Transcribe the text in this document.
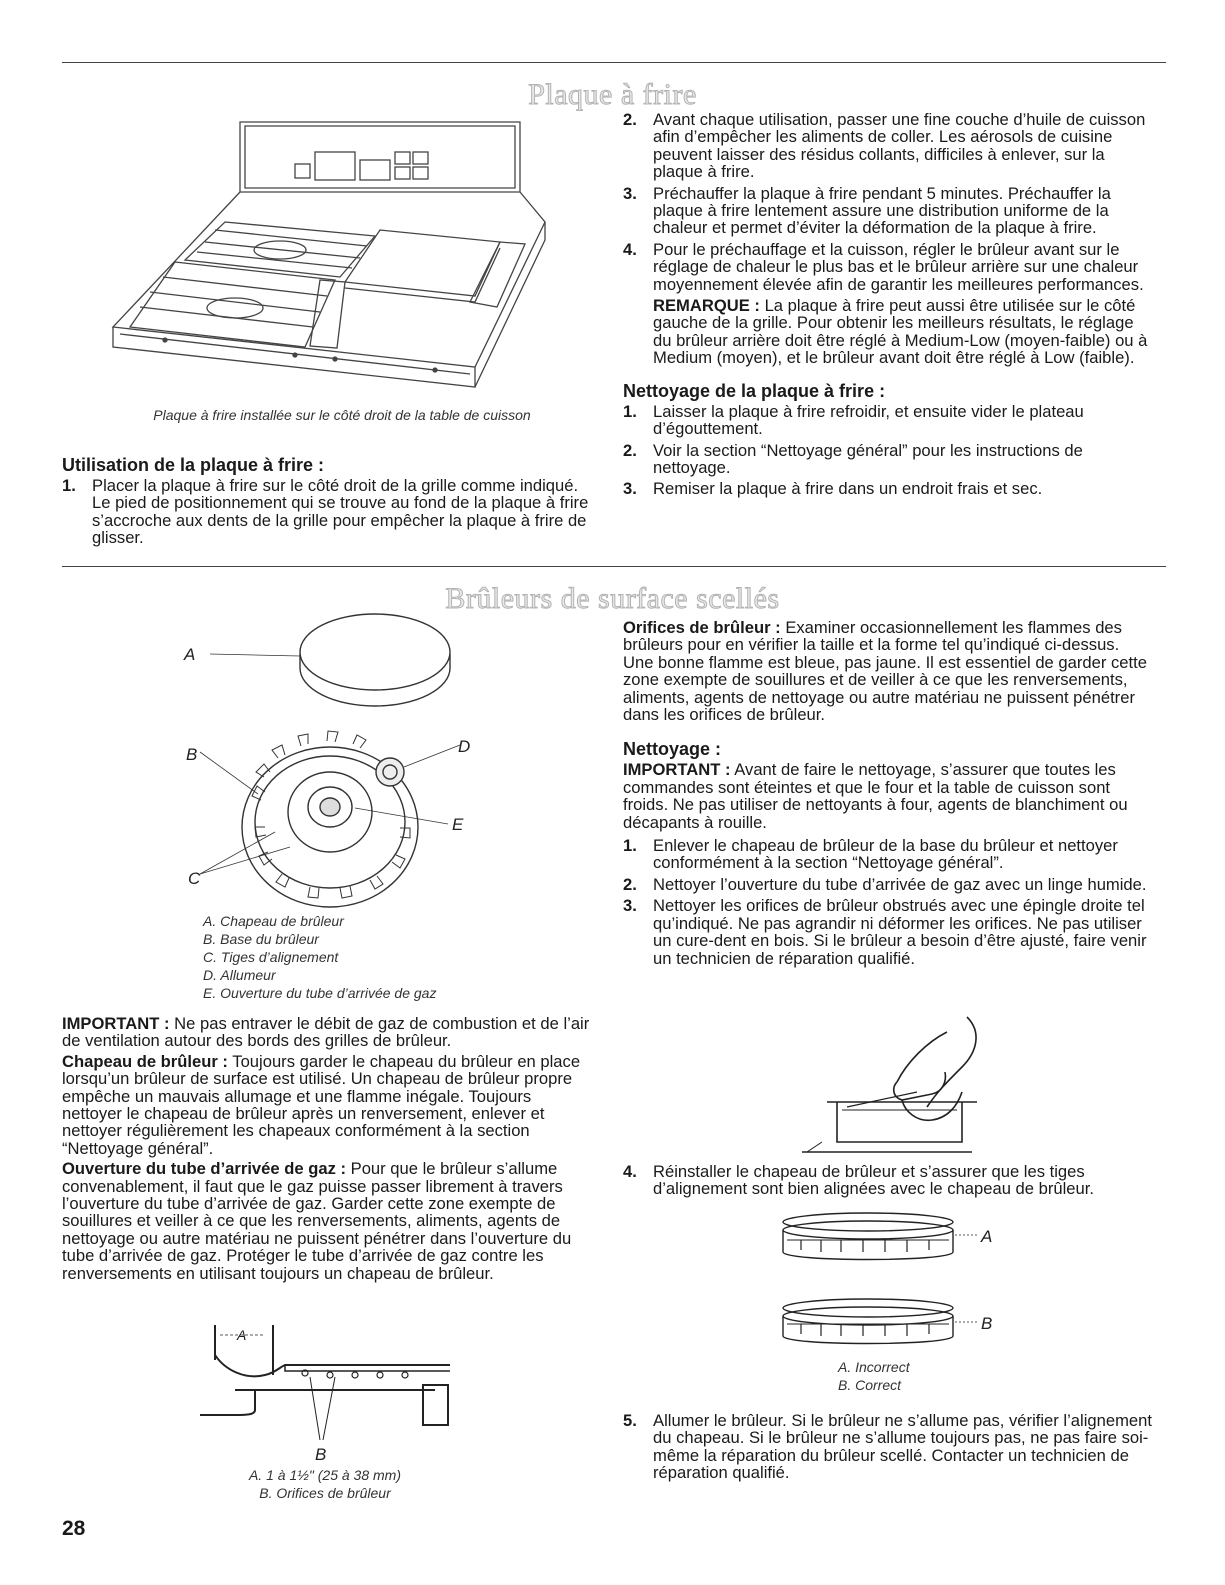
Plaque à frire
Brûleurs de surface scellés
Plaque à frire installée sur le côté droit de la table de cuisson
Utilisation de la plaque à frire :
1. Placer la plaque à frire sur le côté droit de la grille comme indiqué. Le pied de positionnement qui se trouve au fond de la plaque à frire s’accroche aux dents de la grille pour empêcher la plaque à frire de glisser.
2. Avant chaque utilisation, passer une fine couche d’huile de cuisson afin d’empêcher les aliments de coller. Les aérosols de cuisine peuvent laisser des résidus collants, difficiles à enlever, sur la plaque à frire.
3. Préchauffer la plaque à frire pendant 5 minutes. Préchauffer la plaque à frire lentement assure une distribution uniforme de la chaleur et permet d’éviter la déformation de la plaque à frire.
4. Pour le préchauffage et la cuisson, régler le brûleur avant sur le réglage de chaleur le plus bas et le brûleur arrière sur une chaleur moyennement élevée afin de garantir les meilleures performances.
REMARQUE : La plaque à frire peut aussi être utilisée sur le côté gauche de la grille. Pour obtenir les meilleurs résultats, le réglage du brûleur arrière doit être réglé à Medium-Low (moyen-faible) ou à Medium (moyen), et le brûleur avant doit être réglé à Low (faible).
Nettoyage de la plaque à frire :
1. Laisser la plaque à frire refroidir, et ensuite vider le plateau d’égouttement.
2. Voir la section “Nettoyage général” pour les instructions de nettoyage.
3. Remiser la plaque à frire dans un endroit frais et sec.
A
B	D
E
C
A. Chapeau de brûleur
B. Base du brûleur
C. Tiges d’alignement
D. Allumeur
E. Ouverture du tube d’arrivée de gaz

IMPORTANT : Ne pas entraver le débit de gaz de combustion et de l’air de ventilation autour des bords des grilles de brûleur.

Chapeau de brûleur : Toujours garder le chapeau du brûleur en place lorsqu’un brûleur de surface est utilisé. Un chapeau de brûleur propre empêche un mauvais allumage et une flamme inégale. Toujours nettoyer le chapeau de brûleur après un renversement, enlever et nettoyer régulièrement les chapeaux conformément à la section “Nettoyage général”.

Ouverture du tube d’arrivée de gaz : Pour que le brûleur s’allume convenablement, il faut que le gaz puisse passer librement à travers l’ouverture du tube d’arrivée de gaz. Garder cette zone exempte de souillures et veiller à ce que les renversements, aliments, agents de nettoyage ou autre matériau ne puissent pénétrer dans l’ouverture du tube d’arrivée de gaz. Protéger le tube d’arrivée de gaz contre les renversements en utilisant toujours un chapeau de brûleur.

A
B
A. 1 à 1½" (25 à 38 mm)
B. Orifices de brûleur

Orifices de brûleur : Examiner occasionnellement les flammes des brûleurs pour en vérifier la taille et la forme tel qu’indiqué ci-dessus. Une bonne flamme est bleue, pas jaune. Il est essentiel de garder cette zone exempte de souillures et de veiller à ce que les renversements, aliments, agents de nettoyage ou autre matériau ne puissent pénétrer dans les orifices de brûleur.

Nettoyage :

IMPORTANT : Avant de faire le nettoyage, s’assurer que toutes les commandes sont éteintes et que le four et la table de cuisson sont froids. Ne pas utiliser de nettoyants à four, agents de blanchiment ou décapants à rouille.

1. Enlever le chapeau de brûleur de la base du brûleur et nettoyer conformément à la section “Nettoyage général”.
2. Nettoyer l’ouverture du tube d’arrivée de gaz avec un linge humide.
3. Nettoyer les orifices de brûleur obstrués avec une épingle droite tel qu’indiqué. Ne pas agrandir ni déformer les orifices. Ne pas utiliser un cure-dent en bois. Si le brûleur a besoin d’être ajusté, faire venir un technicien de réparation qualifié.
4. Réinstaller le chapeau de brûleur et s’assurer que les tiges d’alignement sont bien alignées avec le chapeau de brûleur.
A
B
A. Incorrect
B. Correct
5. Allumer le brûleur. Si le brûleur ne s’allume pas, vérifier l’alignement du chapeau. Si le brûleur ne s’allume toujours pas, ne pas faire soi-même la réparation du brûleur scellé. Contacter un technicien de réparation qualifié.
28
